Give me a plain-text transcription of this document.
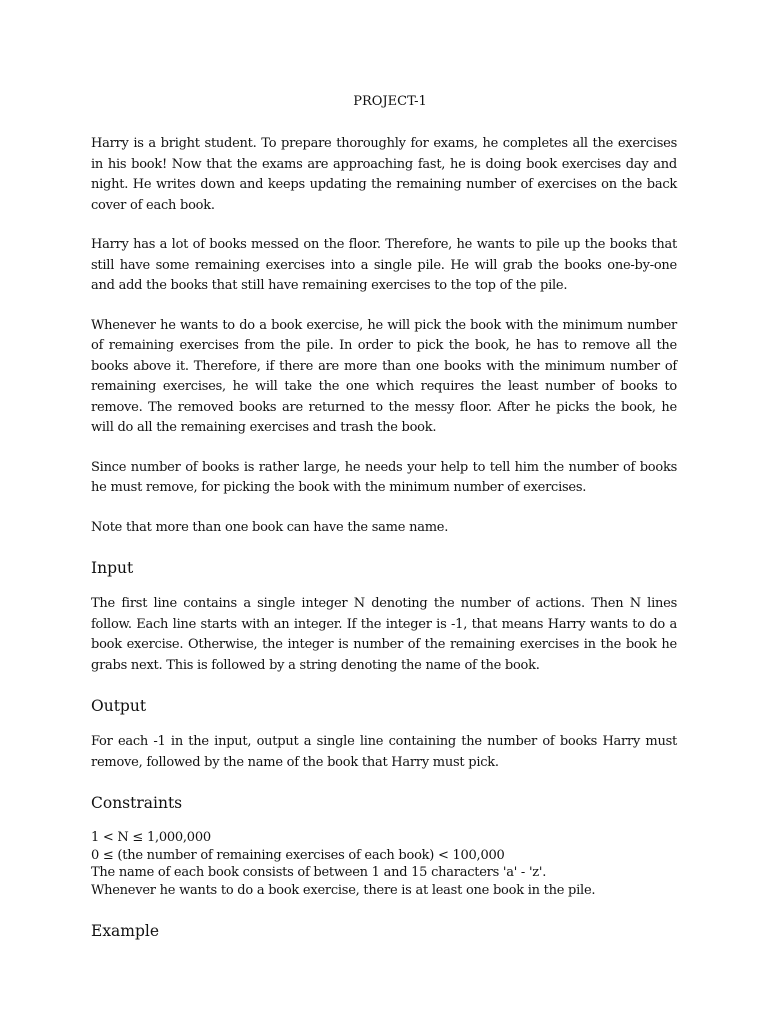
PROJECT-1

Harry is a bright student. To prepare thoroughly for exams, he completes all the exercises in his book! Now that the exams are approaching fast, he is doing book exercises day and night. He writes down and keeps updating the remaining number of exercises on the back cover of each book.

Harry has a lot of books messed on the floor. Therefore, he wants to pile up the books that still have some remaining exercises into a single pile. He will grab the books one-by-one and add the books that still have remaining exercises to the top of the pile.

Whenever he wants to do a book exercise, he will pick the book with the minimum number of remaining exercises from the pile. In order to pick the book, he has to remove all the books above it. Therefore, if there are more than one books with the minimum number of remaining exercises, he will take the one which requires the least number of books to remove. The removed books are returned to the messy floor. After he picks the book, he will do all the remaining exercises and trash the book.

Since number of books is rather large, he needs your help to tell him the number of books he must remove, for picking the book with the minimum number of exercises.

Note that more than one book can have the same name.

Input

The first line contains a single integer N denoting the number of actions. Then N lines follow. Each line starts with an integer. If the integer is -1, that means Harry wants to do a book exercise. Otherwise, the integer is number of the remaining exercises in the book he grabs next. This is followed by a string denoting the name of the book.

Output

For each -1 in the input, output a single line containing the number of books Harry must remove, followed by the name of the book that Harry must pick.

Constraints

1 < N ≤ 1,000,000

0 ≤ (the number of remaining exercises of each book) < 100,000

The name of each book consists of between 1 and 15 characters 'a' - 'z'.

Whenever he wants to do a book exercise, there is at least one book in the pile.

Example
